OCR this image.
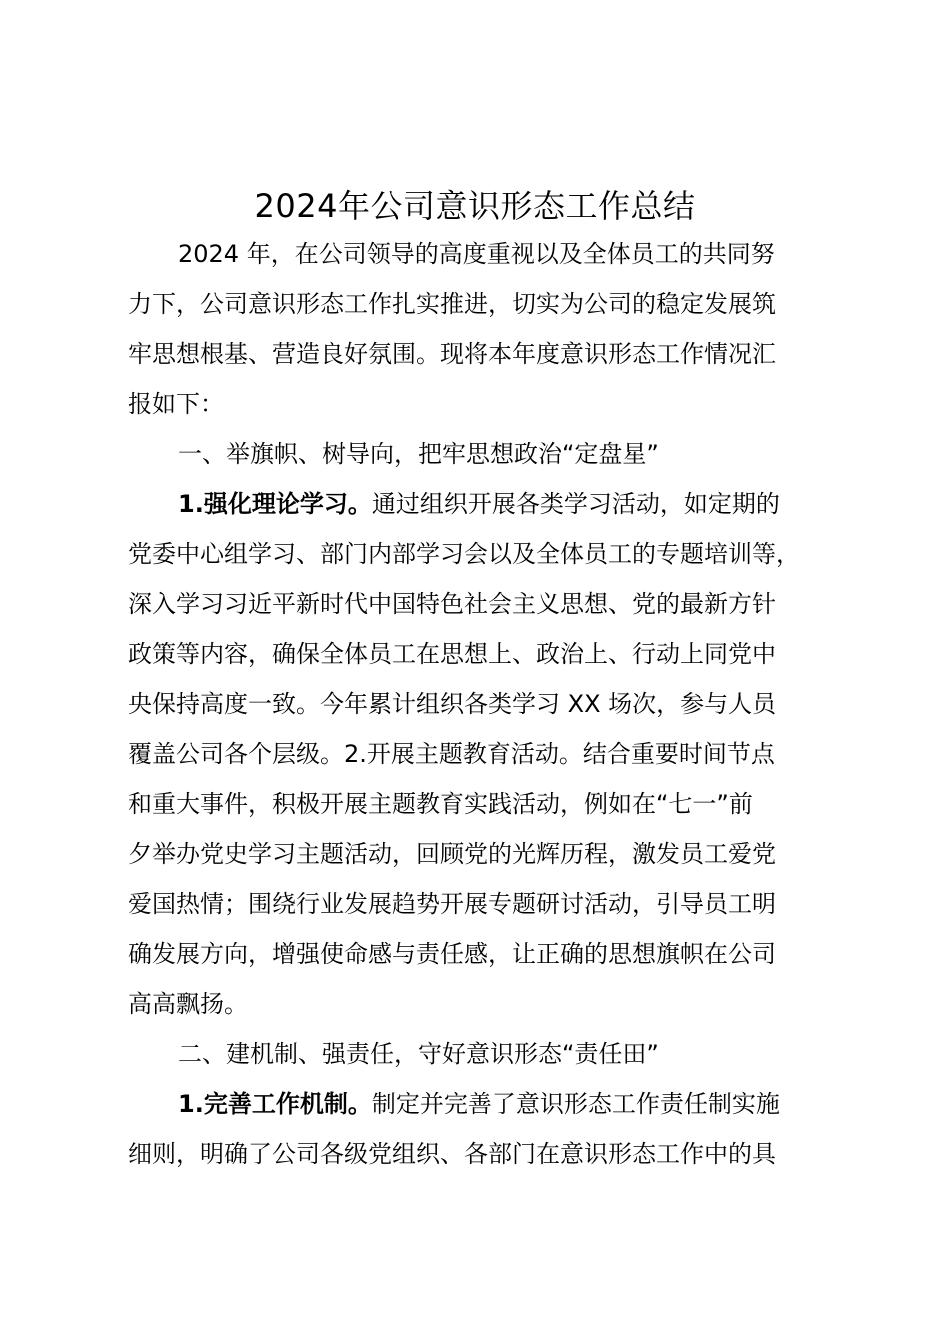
2024年公司意识形态工作总结
2024 年，在公司领导的高度重视以及全体员工的共同努
力下，公司意识形态工作扎实推进，切实为公司的稳定发展筑
牢思想根基、营造良好氛围。现将本年度意识形态工作情况汇
报如下：
一、举旗帜、树导向，把牢思想政治“定盘星”
1.强化理论学习。通过组织开展各类学习活动，如定期的
党委中心组学习、部门内部学习会以及全体员工的专题培训等，
深入学习习近平新时代中国特色社会主义思想、党的最新方针
政策等内容，确保全体员工在思想上、政治上、行动上同党中
央保持高度一致。今年累计组织各类学习 XX 场次，参与人员
覆盖公司各个层级。2.开展主题教育活动。结合重要时间节点
和重大事件，积极开展主题教育实践活动，例如在“七一”前
夕举办党史学习主题活动，回顾党的光辉历程，激发员工爱党
爱国热情；围绕行业发展趋势开展专题研讨活动，引导员工明
确发展方向，增强使命感与责任感，让正确的思想旗帜在公司
高高飘扬。
二、建机制、强责任，守好意识形态“责任田”
1.完善工作机制。制定并完善了意识形态工作责任制实施
细则，明确了公司各级党组织、各部门在意识形态工作中的具
